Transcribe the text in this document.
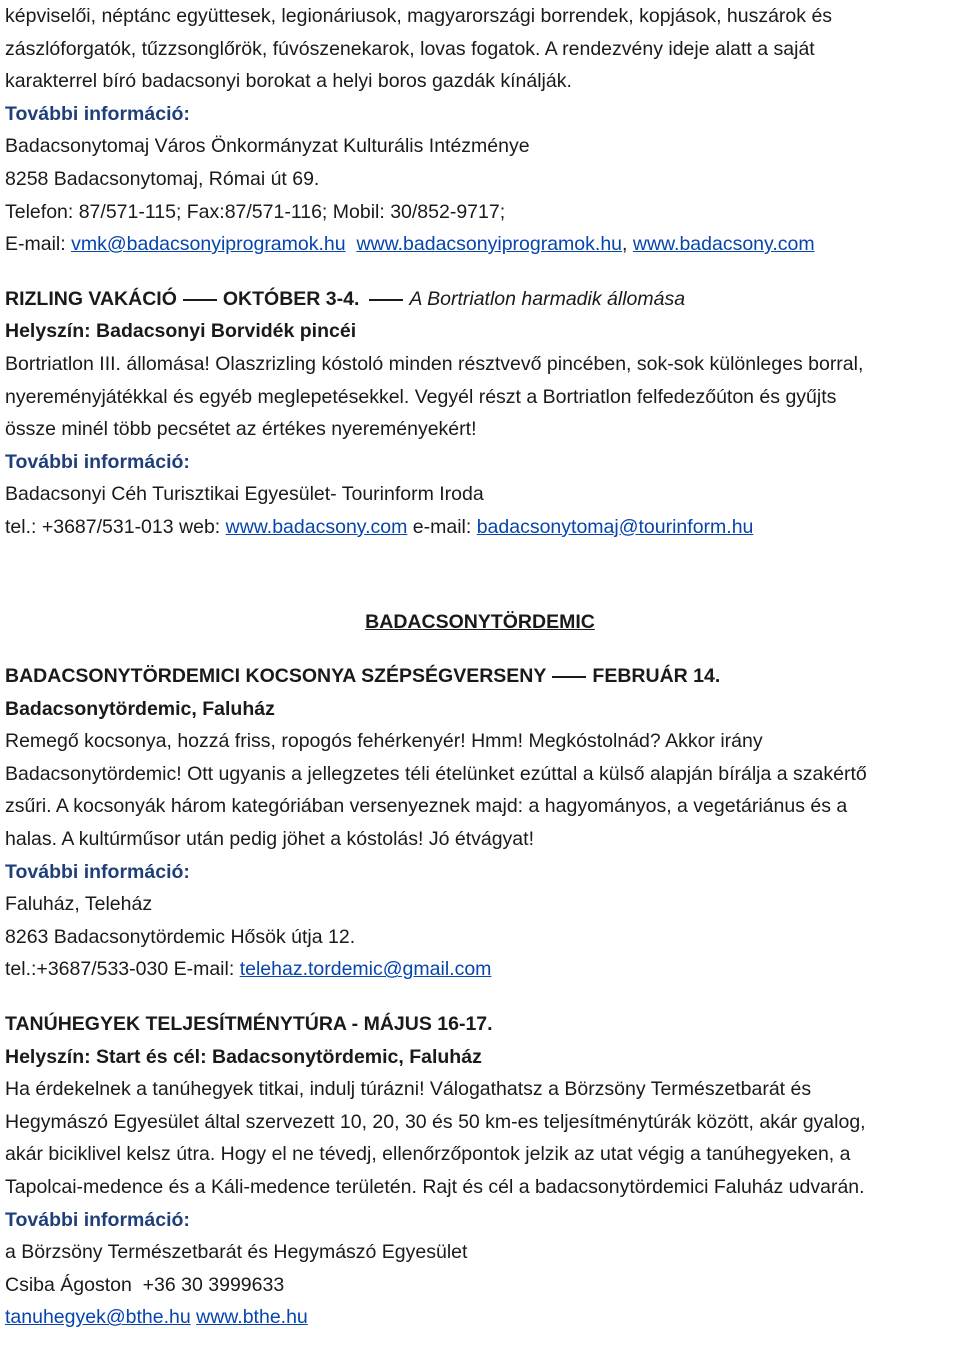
képviselői, néptánc együttesek, legionáriusok, magyarországi borrendek, kopjások, huszárok és
zászlóforgatók, tűzzsonglőrök, fúvószenekarok, lovas fogatok. A rendezvény ideje alatt a saját
karakterrel bíró badacsonyi borokat a helyi boros gazdák kínálják.
További információ:
Badacsonytomaj Város Önkormányzat Kulturális Intézménye
8258 Badacsonytomaj, Római út 69.
Telefon: 87/571-115; Fax:87/571-116; Mobil: 30/852-9717;
E-mail: vmk@badacsonyiprogramok.hu www.badacsonyiprogramok.hu, www.badacsony.com
RIZLING VAKÁCIÓ OKTÓBER 3-4.	A Bortriatlon harmadik állomása
Helyszín: Badacsonyi Borvidék pincéi
Bortriatlon III. állomása! Olaszrizling kóstoló minden résztvevő pincében, sok-sok különleges borral,
nyereményjátékkal és egyéb meglepetésekkel. Vegyél részt a Bortriatlon felfedezőúton és gyűjts
össze minél több pecsétet az értékes nyereményekért!
További információ:
Badacsonyi Céh Turisztikai Egyesület- Tourinform Iroda
tel.: +3687/531-013 web: www.badacsony.com e-mail: badacsonytomaj@tourinform.hu
BADACSONYTÖRDEMIC
BADACSONYTÖRDEMICI KOCSONYA SZÉPSÉGVERSENY FEBRUÁR 14.
Badacsonytördemic, Faluház
Remegő kocsonya, hozzá friss, ropogós fehérkenyér! Hmm! Megkóstolnád? Akkor irány
Badacsonytördemic! Ott ugyanis a jellegzetes téli ételünket ezúttal a külső alapján bírálja a szakértő
zsűri. A kocsonyák három kategóriában versenyeznek majd: a hagyományos, a vegetáriánus és a
halas. A kultúrműsor után pedig jöhet a kóstolás! Jó étvágyat!
További információ:
Faluház, Teleház
8263 Badacsonytördemic Hősök útja 12.
tel.:+3687/533-030 E-mail: telehaz.tordemic@gmail.com
TANÚHEGYEK TELJESÍTMÉNYTÚRA - MÁJUS 16-17.
Helyszín: Start és cél: Badacsonytördemic, Faluház
Ha érdekelnek a tanúhegyek titkai, indulj túrázni! Válogathatsz a Börzsöny Természetbarát és
Hegymászó Egyesület által szervezett 10, 20, 30 és 50 km-es teljesítménytúrák között, akár gyalog,
akár biciklivel kelsz útra. Hogy el ne tévedj, ellenőrzőpontok jelzik az utat végig a tanúhegyeken, a
Tapolcai-medence és a Káli-medence területén. Rajt és cél a badacsonytördemici Faluház udvarán.
További információ:
a Börzsöny Természetbarát és Hegymászó Egyesület
Csiba Ágoston  +36 30 3999633
tanuhegyek@bthe.hu www.bthe.hu
